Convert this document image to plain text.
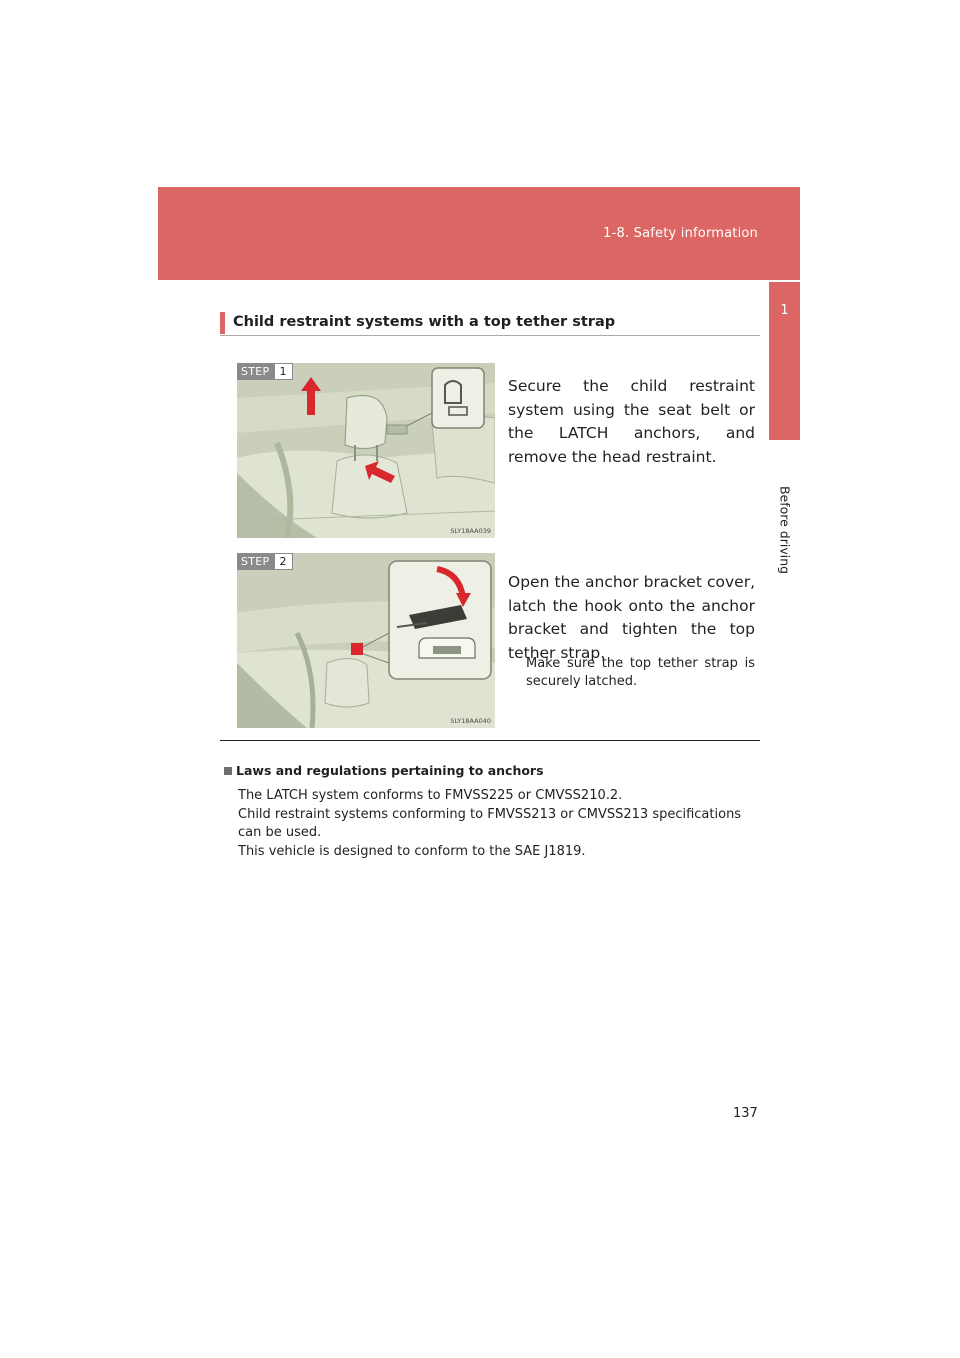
1-8. Safety information
1
Before driving
Child restraint systems with a top tether strap
STEP 1
SLY18AA039
Secure the child restraint system using the seat belt or the LATCH anchors, and remove the head restraint.
STEP 2
SLY18AA040
Open the anchor bracket cover, latch the hook onto the anchor bracket and tighten the top tether strap.
Make sure the top tether strap is securely latched.
Laws and regulations pertaining to anchors

The LATCH system conforms to FMVSS225 or CMVSS210.2.

Child restraint systems conforming to FMVSS213 or CMVSS213 specifications can be used.

This vehicle is designed to conform to the SAE J1819.

137
